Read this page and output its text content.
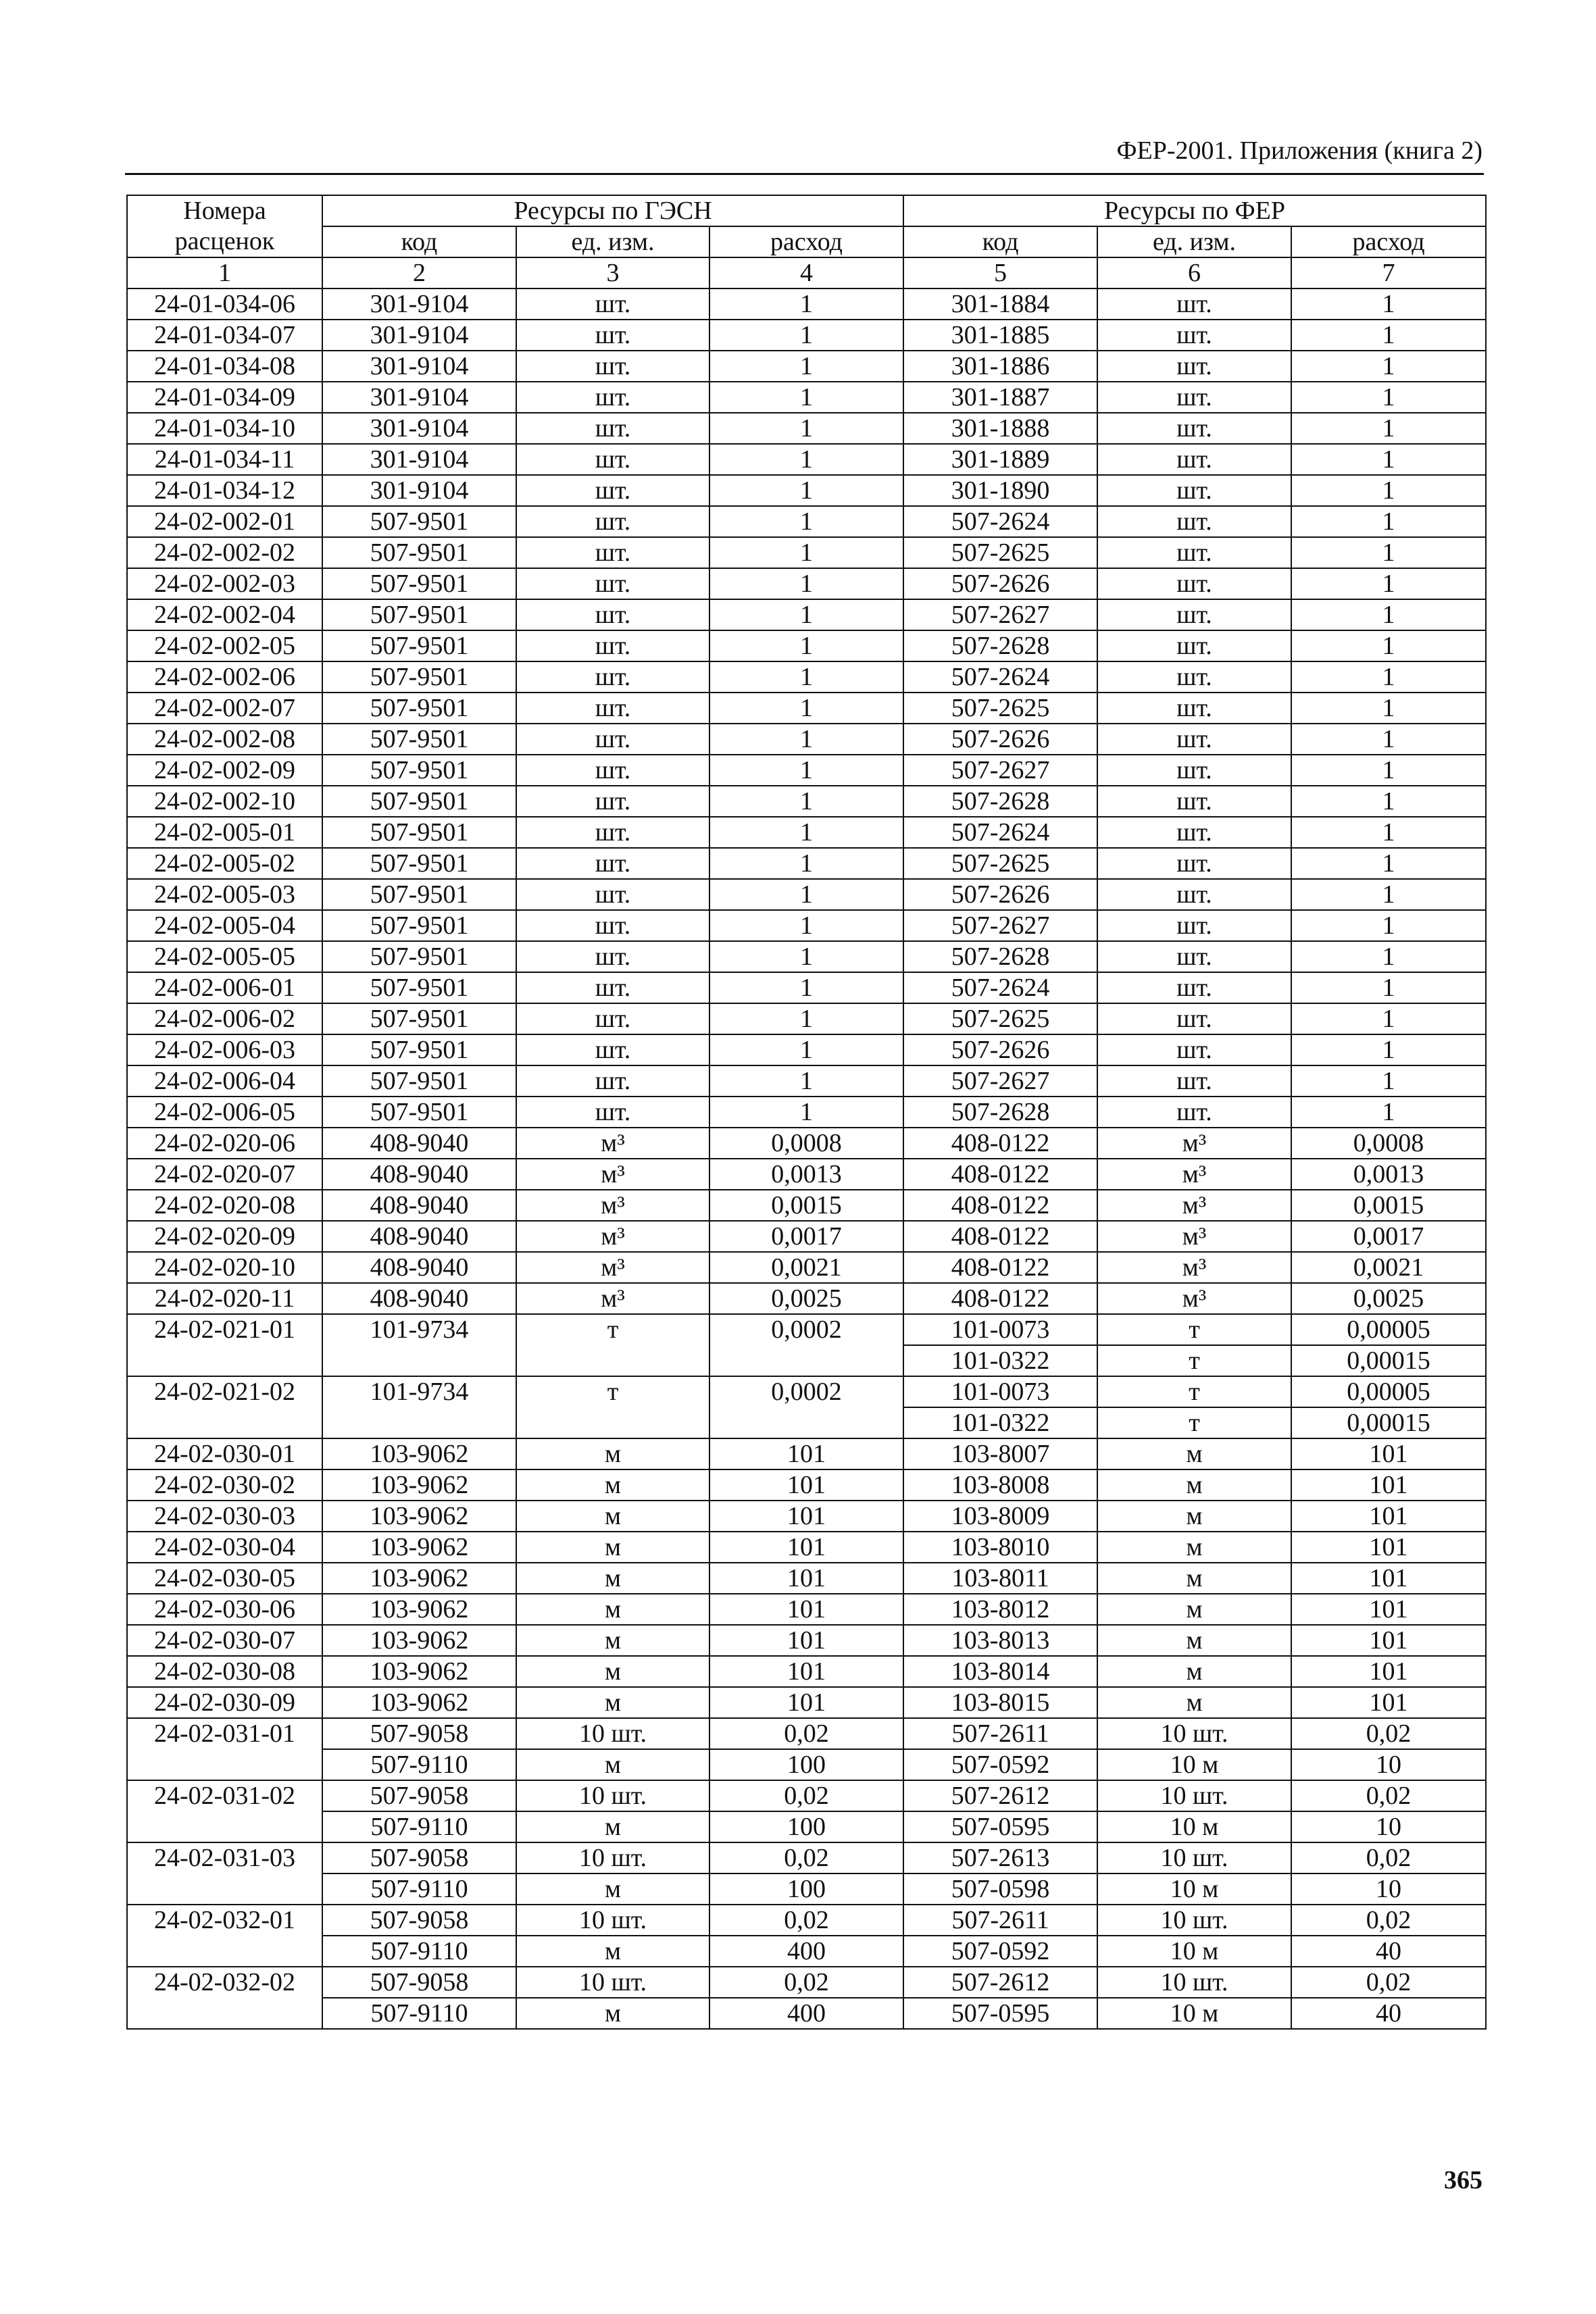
ФЕР-2001. Приложения (книга 2)
Номера	Ресурсы по ГЭСН			Ресурсы по ФЕР		
расценок	код	ед. изм.	расход	код	ед. изм.	расход
1	2	3	4	5	6	7
24-01-034-06	301-9104	шт.	1	301-1884	шт.	1
24-01-034-07	301-9104	шт.	1	301-1885	шт.	1
24-01-034-08	301-9104	шт.	1	301-1886	шт.	1
24-01-034-09	301-9104	шт.	1	301-1887	шт.	1
24-01-034-10	301-9104	шт.	1	301-1888	шт.	1
24-01-034-11	301-9104	шт.	1	301-1889	шт.	1
24-01-034-12	301-9104	шт.	1	301-1890	шт.	1
24-02-002-01	507-9501	шт.	1	507-2624	шт.	1
24-02-002-02	507-9501	шт.	1	507-2625	шт.	1
24-02-002-03	507-9501	шт.	1	507-2626	шт.	1
24-02-002-04	507-9501	шт.	1	507-2627	шт.	1
24-02-002-05	507-9501	шт.	1	507-2628	шт.	1
24-02-002-06	507-9501	шт.	1	507-2624	шт.	1
24-02-002-07	507-9501	шт.	1	507-2625	шт.	1
24-02-002-08	507-9501	шт.	1	507-2626	шт.	1
24-02-002-09	507-9501	шт.	1	507-2627	шт.	1
24-02-002-10	507-9501	шт.	1	507-2628	шт.	1
24-02-005-01	507-9501	шт.	1	507-2624	шт.	1
24-02-005-02	507-9501	шт.	1	507-2625	шт.	1
24-02-005-03	507-9501	шт.	1	507-2626	шт.	1
24-02-005-04	507-9501	шт.	1	507-2627	шт.	1
24-02-005-05	507-9501	шт.	1	507-2628	шт.	1
24-02-006-01	507-9501	шт.	1	507-2624	шт.	1
24-02-006-02	507-9501	шт.	1	507-2625	шт.	1
24-02-006-03	507-9501	шт.	1	507-2626	шт.	1
24-02-006-04	507-9501	шт.	1	507-2627	шт.	1
24-02-006-05	507-9501	шт.	1	507-2628	шт.	1
24-02-020-06	408-9040	м³	0,0008	408-0122	м³	0,0008
24-02-020-07	408-9040	м³	0,0013	408-0122	м³	0,0013
24-02-020-08	408-9040	м³	0,0015	408-0122	м³	0,0015
24-02-020-09	408-9040	м³	0,0017	408-0122	м³	0,0017
24-02-020-10	408-9040	м³	0,0021	408-0122	м³	0,0021
24-02-020-11	408-9040	м³	0,0025	408-0122	м³	0,0025
24-02-021-01	101-9734	т	0,0002	101-0073	т	0,00005
				101-0322	т	0,00015
24-02-021-02	101-9734	т	0,0002	101-0073	т	0,00005
				101-0322	т	0,00015
24-02-030-01	103-9062	м	101	103-8007	м	101
24-02-030-02	103-9062	м	101	103-8008	м	101
24-02-030-03	103-9062	м	101	103-8009	м	101
24-02-030-04	103-9062	м	101	103-8010	м	101
24-02-030-05	103-9062	м	101	103-8011	м	101
24-02-030-06	103-9062	м	101	103-8012	м	101
24-02-030-07	103-9062	м	101	103-8013	м	101
24-02-030-08	103-9062	м	101	103-8014	м	101
24-02-030-09	103-9062	м	101	103-8015	м	101
24-02-031-01	507-9058	10 шт.	0,02	507-2611	10 шт.	0,02
	507-9110	м	100	507-0592	10 м	10
24-02-031-02	507-9058	10 шт.	0,02	507-2612	10 шт.	0,02
	507-9110	м	100	507-0595	10 м	10
24-02-031-03	507-9058	10 шт.	0,02	507-2613	10 шт.	0,02
	507-9110	м	100	507-0598	10 м	10
24-02-032-01	507-9058	10 шт.	0,02	507-2611	10 шт.	0,02
	507-9110	м	400	507-0592	10 м	40
24-02-032-02	507-9058	10 шт.	0,02	507-2612	10 шт.	0,02
	507-9110	м	400	507-0595	10 м	40
365
